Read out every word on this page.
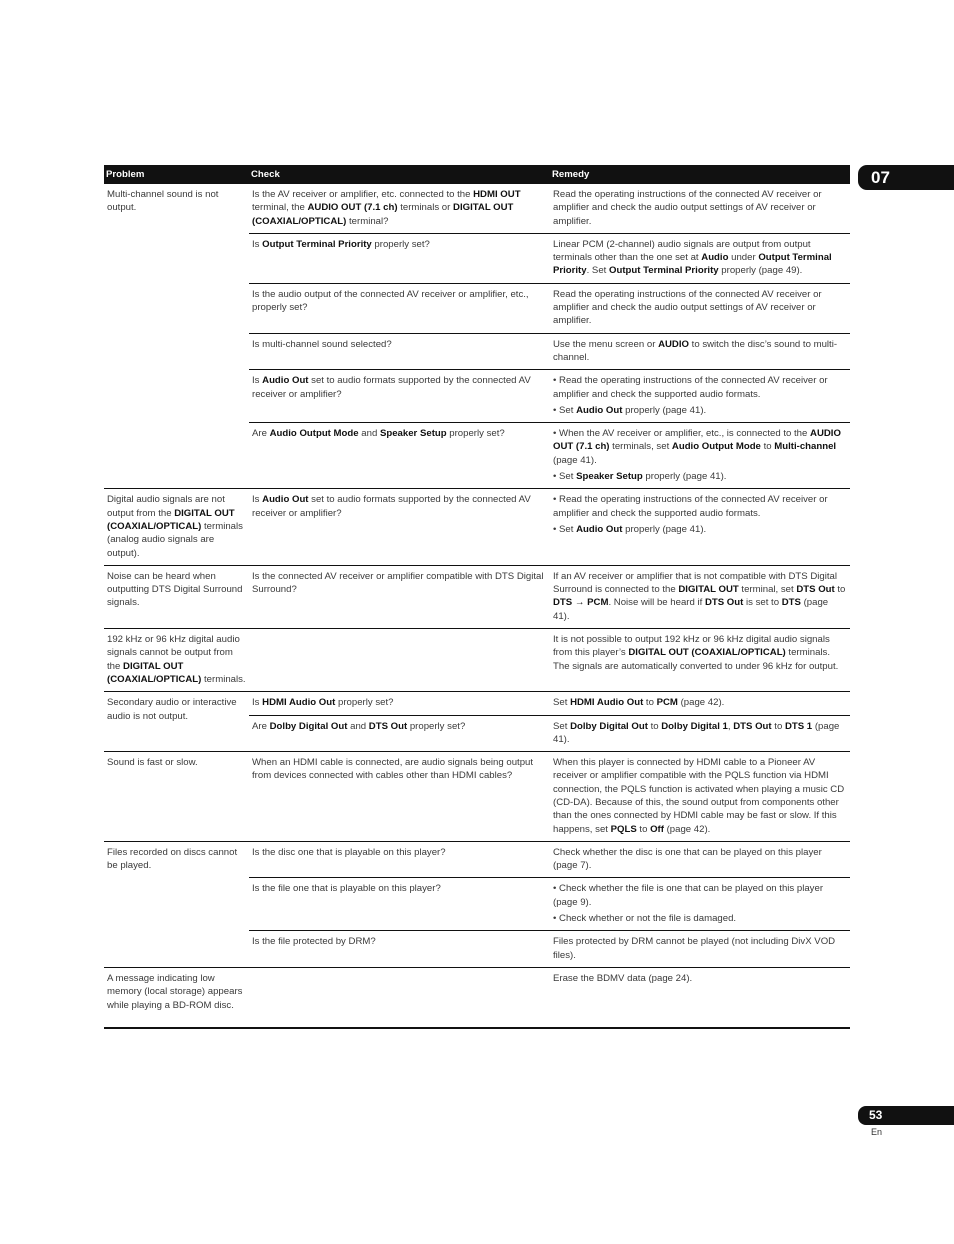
07
53
En
Problem	Check	Remedy
Multi-channel sound is not output.	Is the AV receiver or amplifier, etc. connected to the HDMI OUT terminal, the AUDIO OUT (7.1 ch) terminals or DIGITAL OUT (COAXIAL/OPTICAL) terminal?	Read the operating instructions of the connected AV receiver or amplifier and check the audio output settings of AV receiver or amplifier.
	Is Output Terminal Priority properly set?	Linear PCM (2-channel) audio signals are output from output terminals other than the one set at Audio under Output Terminal Priority. Set Output Terminal Priority properly (page 49).
	Is the audio output of the connected AV receiver or amplifier, etc., properly set?	Read the operating instructions of the connected AV receiver or amplifier and check the audio output settings of AV receiver or amplifier.
	Is multi-channel sound selected?	Use the menu screen or AUDIO to switch the disc’s sound to multi-channel.
	Is Audio Out set to audio formats supported by the connected AV receiver or amplifier?	• Read the operating instructions of the connected AV receiver or amplifier and check the supported audio formats.
• Set Audio Out properly (page 41).

	Are Audio Output Mode and Speaker Setup properly set?	• When the AV receiver or amplifier, etc., is connected to the AUDIO OUT (7.1 ch) terminals, set Audio Output Mode to Multi-channel (page 41).
• Set Speaker Setup properly (page 41).

Digital audio signals are not output from the DIGITAL OUT (COAXIAL/OPTICAL) terminals (analog audio signals are output).	Is Audio Out set to audio formats supported by the connected AV receiver or amplifier?	• Read the operating instructions of the connected AV receiver or amplifier and check the supported audio formats.
• Set Audio Out properly (page 41).

Noise can be heard when outputting DTS Digital Surround signals.	Is the connected AV receiver or amplifier compatible with DTS Digital Surround?	If an AV receiver or amplifier that is not compatible with DTS Digital Surround is connected to the DIGITAL OUT terminal, set DTS Out to DTS → PCM. Noise will be heard if DTS Out is set to DTS (page 41).
192 kHz or 96 kHz digital audio signals cannot be output from the DIGITAL OUT (COAXIAL/OPTICAL) terminals.		It is not possible to output 192 kHz or 96 kHz digital audio signals from this player’s DIGITAL OUT (COAXIAL/OPTICAL) terminals. The signals are automatically converted to under 96 kHz for output.
Secondary audio or interactive audio is not output.	Is HDMI Audio Out properly set?	Set HDMI Audio Out to PCM (page 42).
	Are Dolby Digital Out and DTS Out properly set?	Set Dolby Digital Out to Dolby Digital 1, DTS Out to DTS 1 (page 41).
Sound is fast or slow.	When an HDMI cable is connected, are audio signals being output from devices connected with cables other than HDMI cables?	When this player is connected by HDMI cable to a Pioneer AV receiver or amplifier compatible with the PQLS function via HDMI connection, the PQLS function is activated when playing a music CD (CD-DA). Because of this, the sound output from components other than the ones connected by HDMI cable may be fast or slow. If this happens, set PQLS to Off (page 42).
Files recorded on discs cannot be played.	Is the disc one that is playable on this player?	Check whether the disc is one that can be played on this player (page 7).
	Is the file one that is playable on this player?	• Check whether the file is one that can be played on this player (page 9).
• Check whether or not the file is damaged.

	Is the file protected by DRM?	Files protected by DRM cannot be played (not including DivX VOD files).
A message indicating low memory (local storage) appears while playing a BD-ROM disc.		Erase the BDMV data (page 24).
